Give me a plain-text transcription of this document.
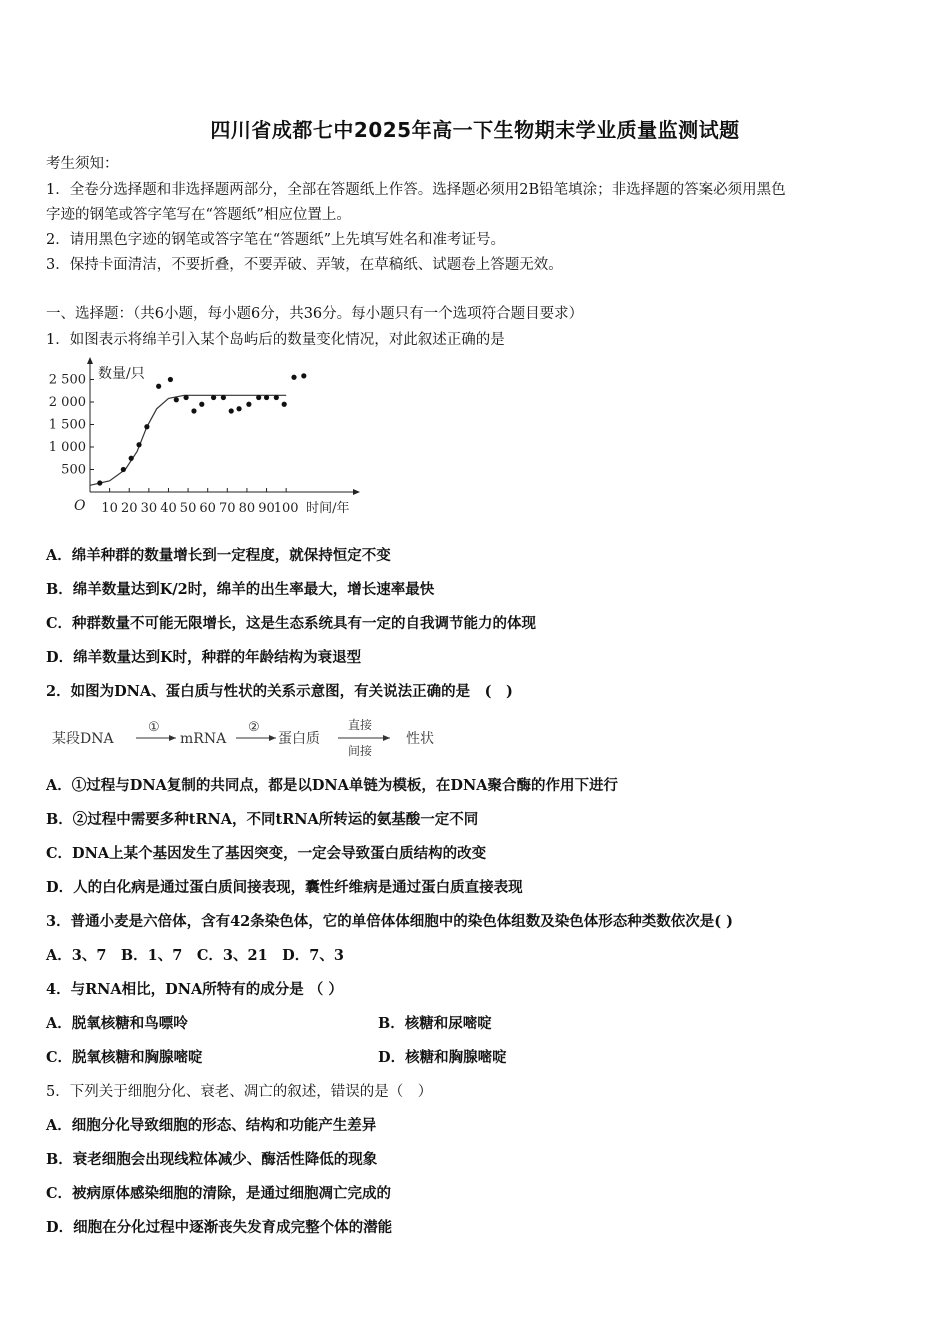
四川省成都七中2025年高一下生物期末学业质量监测试题
考生须知：
1．全卷分选择题和非选择题两部分，全部在答题纸上作答。选择题必须用2B铅笔填涂；非选择题的答案必须用黑色
字迹的钢笔或答字笔写在“答题纸”相应位置上。
2．请用黑色字迹的钢笔或答字笔在“答题纸”上先填写姓名和准考证号。
3．保持卡面清洁，不要折叠，不要弄破、弄皱，在草稿纸、试题卷上答题无效。
一、选择题：（共6小题，每小题6分，共36分。每小题只有一个选项符合题目要求）
1．如图表示将绵羊引入某个岛屿后的数量变化情况，对此叙述正确的是
数量/只
O
500
1 000
1 500
2 000
2 500
10 20 30 40 50 60 70 80 90
100 时间/年
A．绵羊种群的数量增长到一定程度，就保持恒定不变
B．绵羊数量达到K/2时，绵羊的出生率最大，增长速率最快
C．种群数量不可能无限增长，这是生态系统具有一定的自我调节能力的体现
D．绵羊数量达到K时，种群的年龄结构为衰退型
2．如图为DNA、蛋白质与性状的关系示意图，有关说法正确的是　(　)
某段DNA
①
mRNA
②
蛋白质
直接
间接
性状
A．①过程与DNA复制的共同点，都是以DNA单链为模板，在DNA聚合酶的作用下进行
B．②过程中需要多种tRNA，不同tRNA所转运的氨基酸一定不同
C．DNA上某个基因发生了基因突变，一定会导致蛋白质结构的改变
D．人的白化病是通过蛋白质间接表现，囊性纤维病是通过蛋白质直接表现
3．普通小麦是六倍体，含有42条染色体，它的单倍体体细胞中的染色体组数及染色体形态种类数依次是( )
A．3、7　B．1、7　C．3、21　D．7、3
4．与RNA相比，DNA所特有的成分是 （ ）
A．脱氧核糖和鸟嘌呤	B．核糖和尿嘧啶
C．脱氧核糖和胸腺嘧啶	D．核糖和胸腺嘧啶
5．下列关于细胞分化、衰老、凋亡的叙述，错误的是（　）
A．细胞分化导致细胞的形态、结构和功能产生差异
B．衰老细胞会出现线粒体减少、酶活性降低的现象
C．被病原体感染细胞的清除，是通过细胞凋亡完成的
D．细胞在分化过程中逐渐丧失发育成完整个体的潜能
